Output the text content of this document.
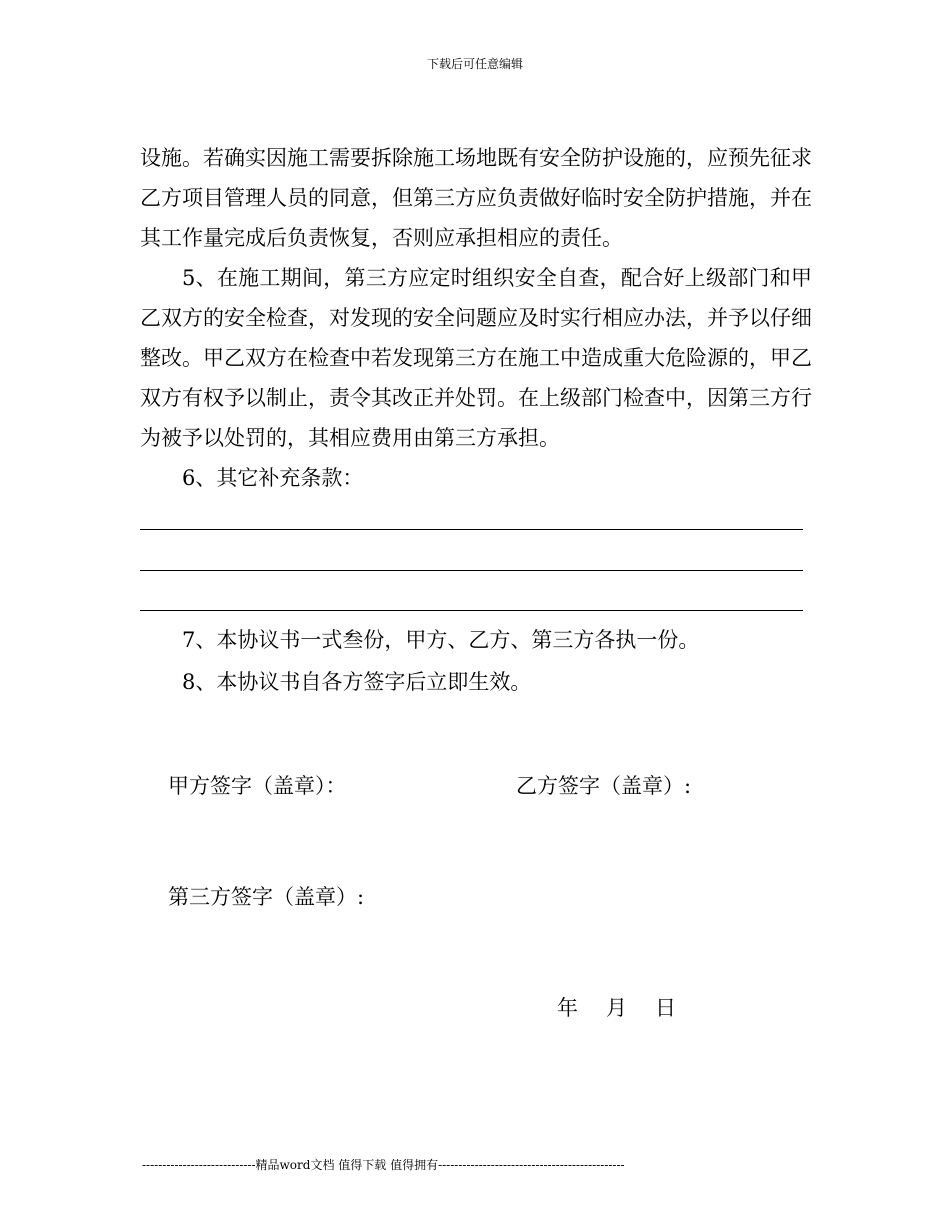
下载后可任意编辑

设施。若确实因施工需要拆除施工场地既有安全防护设施的，应预先征求乙方项目管理人员的同意，但第三方应负责做好临时安全防护措施，并在其工作量完成后负责恢复，否则应承担相应的责任。

5、在施工期间，第三方应定时组织安全自查，配合好上级部门和甲乙双方的安全检查，对发现的安全问题应及时实行相应办法，并予以仔细整改。甲乙双方在检查中若发现第三方在施工中造成重大危险源的，甲乙双方有权予以制止，责令其改正并处罚。在上级部门检查中，因第三方行为被予以处罚的，其相应费用由第三方承担。

6、其它补充条款：

7、本协议书一式叁份，甲方、乙方、第三方各执一份。

8、本协议书自各方签字后立即生效。

甲方签字（盖章）：	乙方签字（盖章）:
第三方签字（盖章）:
年 月 日
----------------------------精品word文档 值得下载 值得拥有----------------------------------------------
